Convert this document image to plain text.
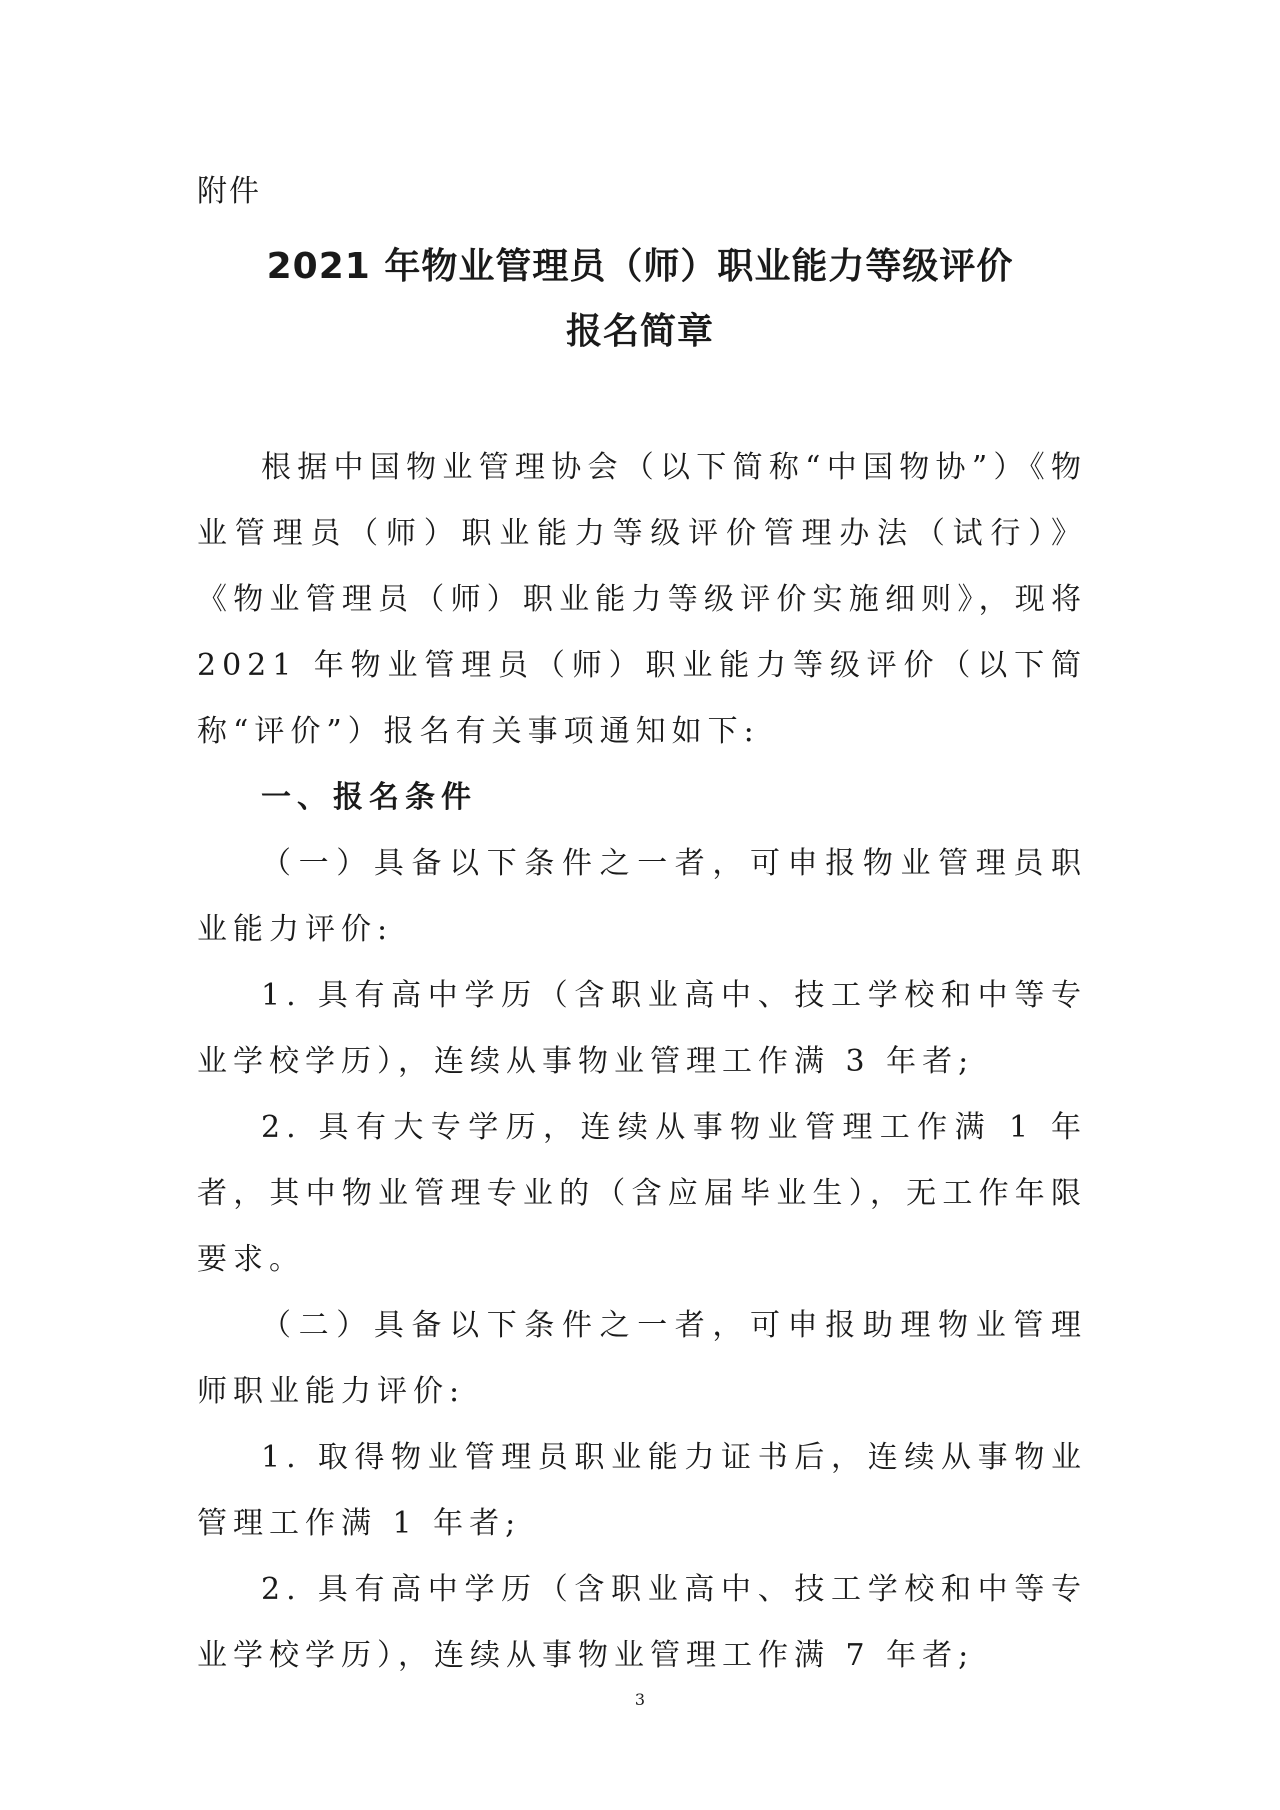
附件
2021 年物业管理员（师）职业能力等级评价
报名简章

根据中国物业管理协会（以下简称“中国物协”）《物业管理员（师）职业能力等级评价管理办法（试行）》《物业管理员（师）职业能力等级评价实施细则》，现将 2021 年物业管理员（师）职业能力等级评价（以下简称“评价”）报名有关事项通知如下:

一、报名条件

（一）具备以下条件之一者，可申报物业管理员职业能力评价:

1. 具有高中学历（含职业高中、技工学校和中等专业学校学历），连续从事物业管理工作满 3 年者;

2. 具有大专学历，连续从事物业管理工作满 1 年者，其中物业管理专业的（含应届毕业生），无工作年限要求。

（二）具备以下条件之一者，可申报助理物业管理师职业能力评价:

1. 取得物业管理员职业能力证书后，连续从事物业管理工作满 1 年者;

2. 具有高中学历（含职业高中、技工学校和中等专业学校学历），连续从事物业管理工作满 7 年者;

3
